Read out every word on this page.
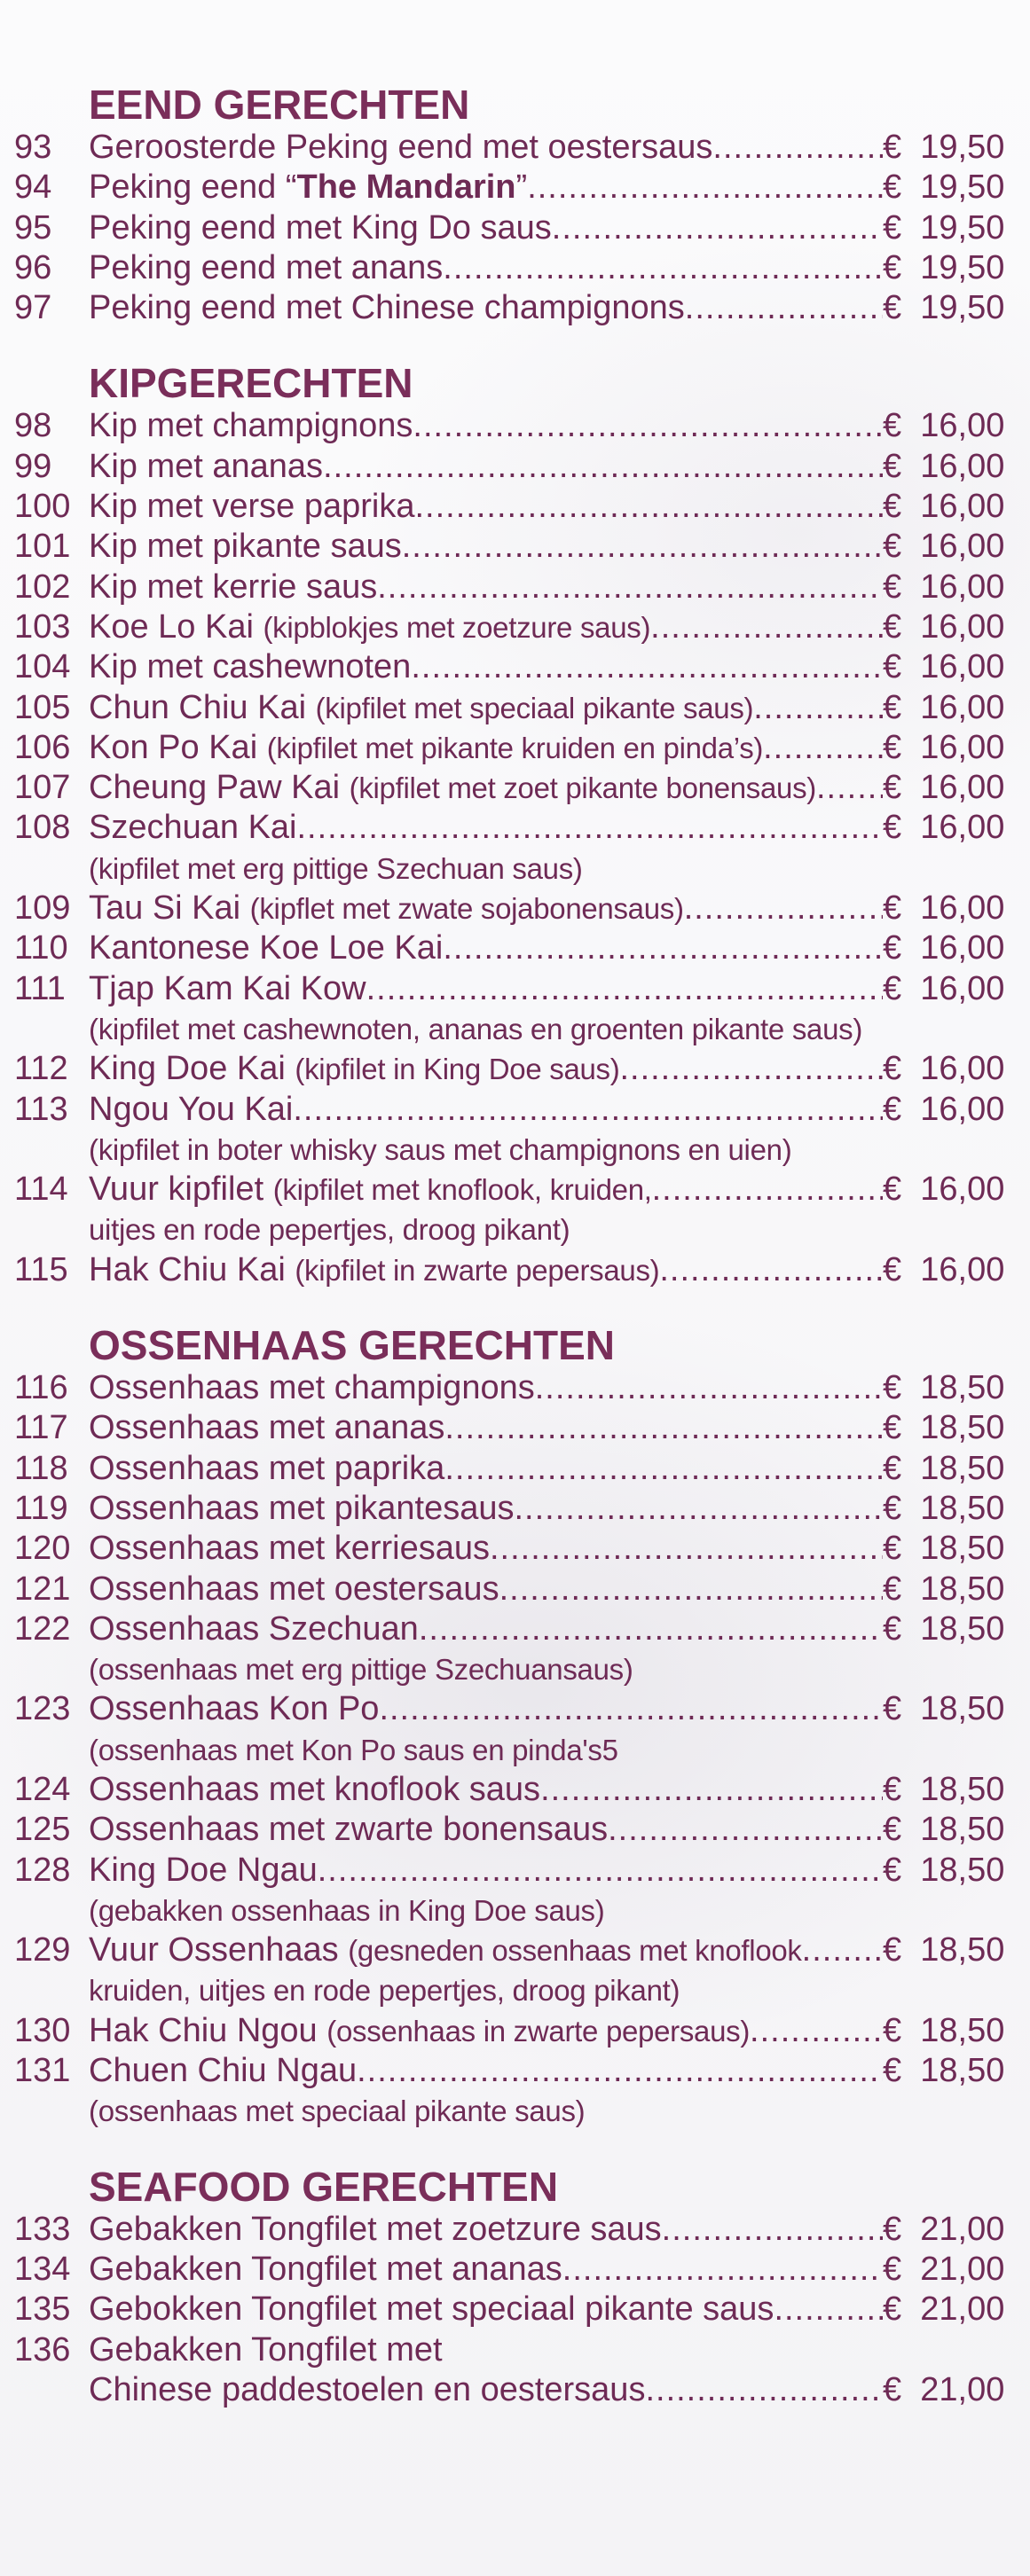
EEND GERECHTEN
93	Geroosterde Peking eend met oestersaus .....	€ 19,50
94	Peking eend “The Mandarin” .....	€ 19,50
95	Peking eend met King Do saus .....	€ 19,50
96	Peking eend met anans .....	€ 19,50
97	Peking eend met Chinese champignons .....	€ 19,50
KIPGERECHTEN
98	Kip met champignons .....	€ 16,00
99	Kip met ananas .....	€ 16,00
100 Kip met verse paprika .....	€ 16,00
101 Kip met pikante saus .....	€ 16,00
102 Kip met kerrie saus .....	€ 16,00
103 Koe Lo Kai (kipblokjes met zoetzure saus) .....	€ 16,00
104 Kip met cashewnoten .....	€ 16,00
105 Chun Chiu Kai (kipfilet met speciaal pikante saus) .....	€ 16,00
106 Kon Po Kai (kipfilet met pikante kruiden en pinda’s) .....	€ 16,00
107 Cheung Paw Kai (kipfilet met zoet pikante bonensaus) ..... € 16,00
108 Szechuan Kai .....	€ 16,00
(kipfilet met erg pittige Szechuan saus)
109 Tau Si Kai (kipflet met zwate sojabonensaus) .....	€ 16,00
110 Kantonese Koe Loe Kai .....	€ 16,00
111 Tjap Kam Kai Kow .....	€ 16,00
(kipfilet met cashewnoten, ananas en groenten pikante saus)
112 King Doe Kai (kipfilet in King Doe saus) .....	€ 16,00
113 Ngou You Kai .....	€ 16,00
(kipfilet in boter whisky saus met champignons en uien)
114 Vuur kipfilet (kipfilet met knoflook, kruiden, .....	€ 16,00
uitjes en rode pepertjes, droog pikant)
115 Hak Chiu Kai (kipfilet in zwarte pepersaus) .....	€ 16,00
OSSENHAAS GERECHTEN
116 Ossenhaas met champignons .....	€ 18,50
117 Ossenhaas met ananas .....	€ 18,50
118 Ossenhaas met paprika .....	€ 18,50
119 Ossenhaas met pikantesaus .....	€ 18,50
120 Ossenhaas met kerriesaus .....	€ 18,50
121 Ossenhaas met oestersaus .....	€ 18,50
122 Ossenhaas Szechuan .....	€ 18,50
(ossenhaas met erg pittige Szechuansaus)
123 Ossenhaas Kon Po .....	€ 18,50
(ossenhaas met Kon Po saus en pinda's5
124 Ossenhaas met knoflook saus .....	€ 18,50
125 Ossenhaas met zwarte bonensaus .....	€ 18,50
128 King Doe Ngau .....	€ 18,50
(gebakken ossenhaas in King Doe saus)
129 Vuur Ossenhaas (gesneden ossenhaas met knoflook ..... € 18,50
kruiden, uitjes en rode pepertjes, droog pikant)
130 Hak Chiu Ngou (ossenhaas in zwarte pepersaus) .....	€ 18,50
131 Chuen Chiu Ngau .....	€ 18,50
(ossenhaas met speciaal pikante saus)
SEAFOOD GERECHTEN
133 Gebakken Tongfilet met zoetzure saus .....	€ 21,00
134 Gebakken Tongfilet met ananas .....	€ 21,00
135 Gebokken Tongfilet met speciaal pikante saus .....	€ 21,00
136 Gebakken Tongfilet met
Chinese paddestoelen en oestersaus .....	€ 21,00
